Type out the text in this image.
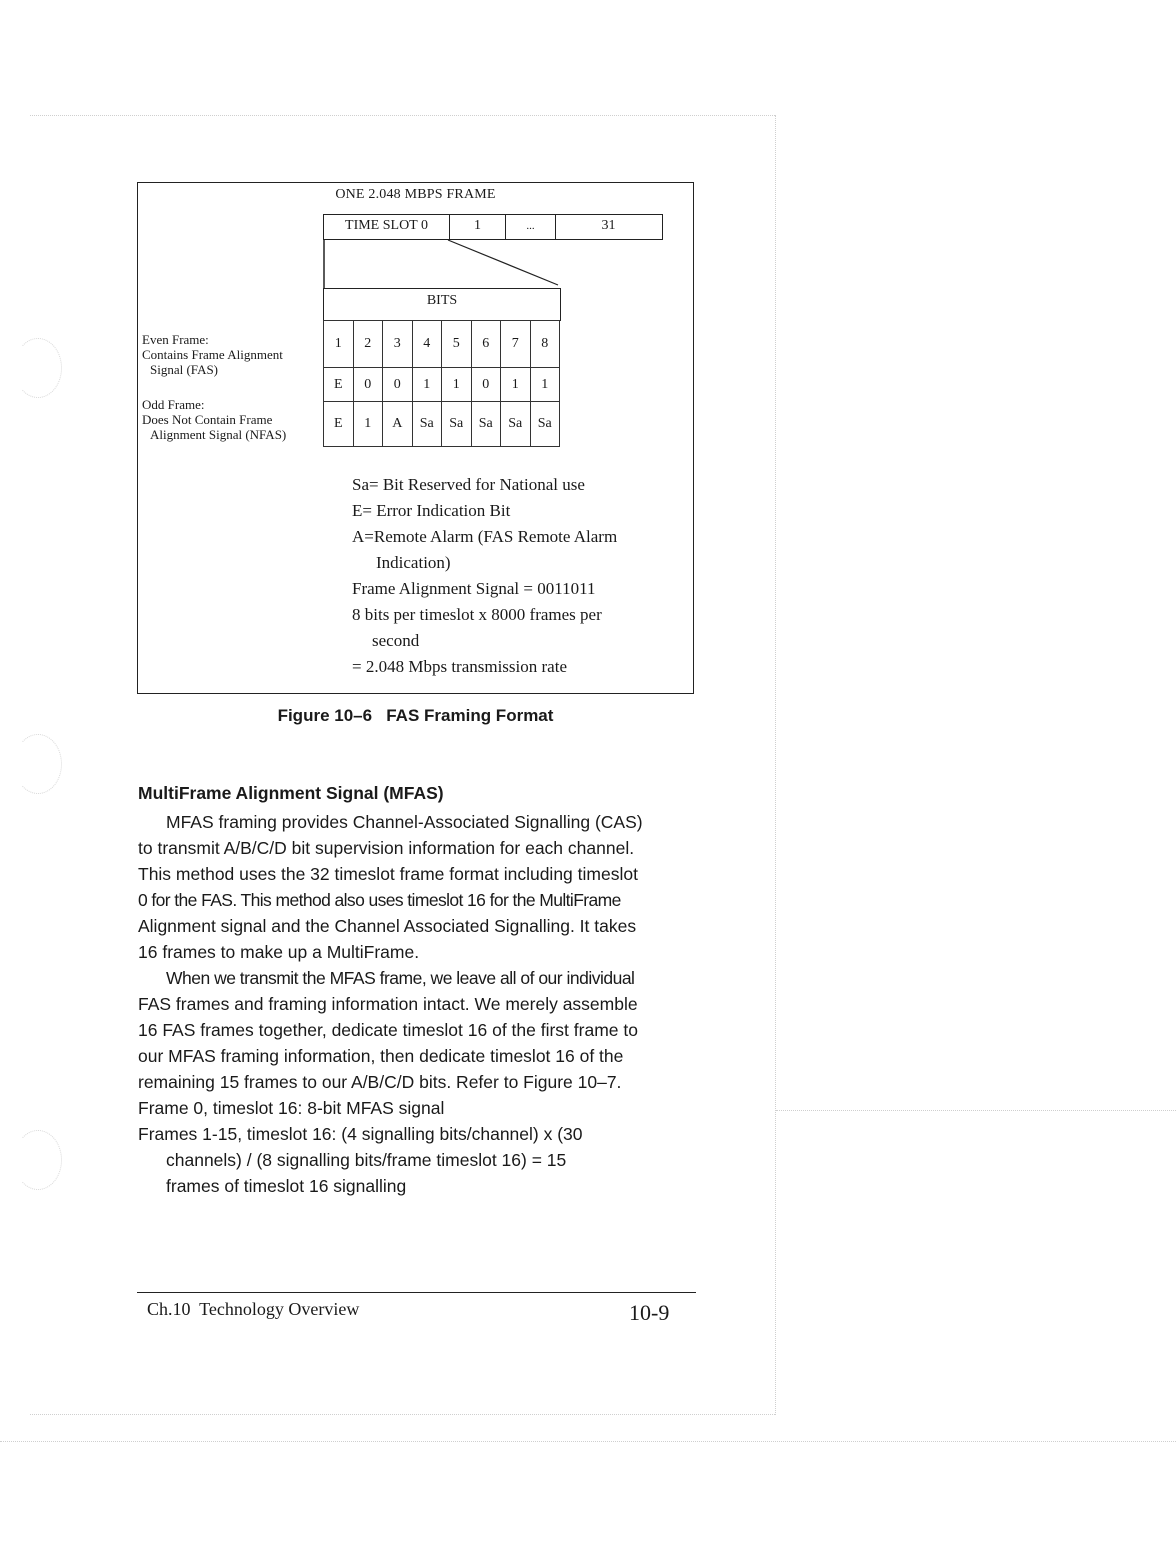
ONE 2.048 MBPS FRAME
TIME SLOT 0	1	...	31
BITS
1	2	3	4	5	6	7	8
E	0	0	1	1	0	1	1
E	1	A	Sa	Sa	Sa	Sa	Sa
Even Frame:
Contains Frame Alignment
Signal (FAS)
Odd Frame:
Does Not Contain Frame
Alignment Signal (NFAS)
Sa= Bit Reserved for National use
E= Error Indication Bit
A=Remote Alarm (FAS Remote Alarm
Indication)
Frame Alignment Signal = 0011011
8 bits per timeslot x 8000 frames per
second
= 2.048 Mbps transmission rate
Figure 10–6   FAS Framing Format
MultiFrame Alignment Signal (MFAS)
MFAS framing provides Channel-Associated Signalling (CAS)
to transmit A/B/C/D bit supervision information for each channel.
This method uses the 32 timeslot frame format including timeslot
0 for the FAS. This method also uses timeslot 16 for the MultiFrame
Alignment signal and the Channel Associated Signalling. It takes
16 frames to make up a MultiFrame.
When we transmit the MFAS frame, we leave all of our individual
FAS frames and framing information intact. We merely assemble
16 FAS frames together, dedicate timeslot 16 of the first frame to
our MFAS framing information, then dedicate timeslot 16 of the
remaining 15 frames to our A/B/C/D bits. Refer to Figure 10–7.
Frame 0, timeslot 16: 8-bit MFAS signal
Frames 1-15, timeslot 16: (4 signalling bits/channel) x (30
channels) / (8 signalling bits/frame timeslot 16) = 15
frames of timeslot 16 signalling
Ch.10  Technology Overview	10-9
